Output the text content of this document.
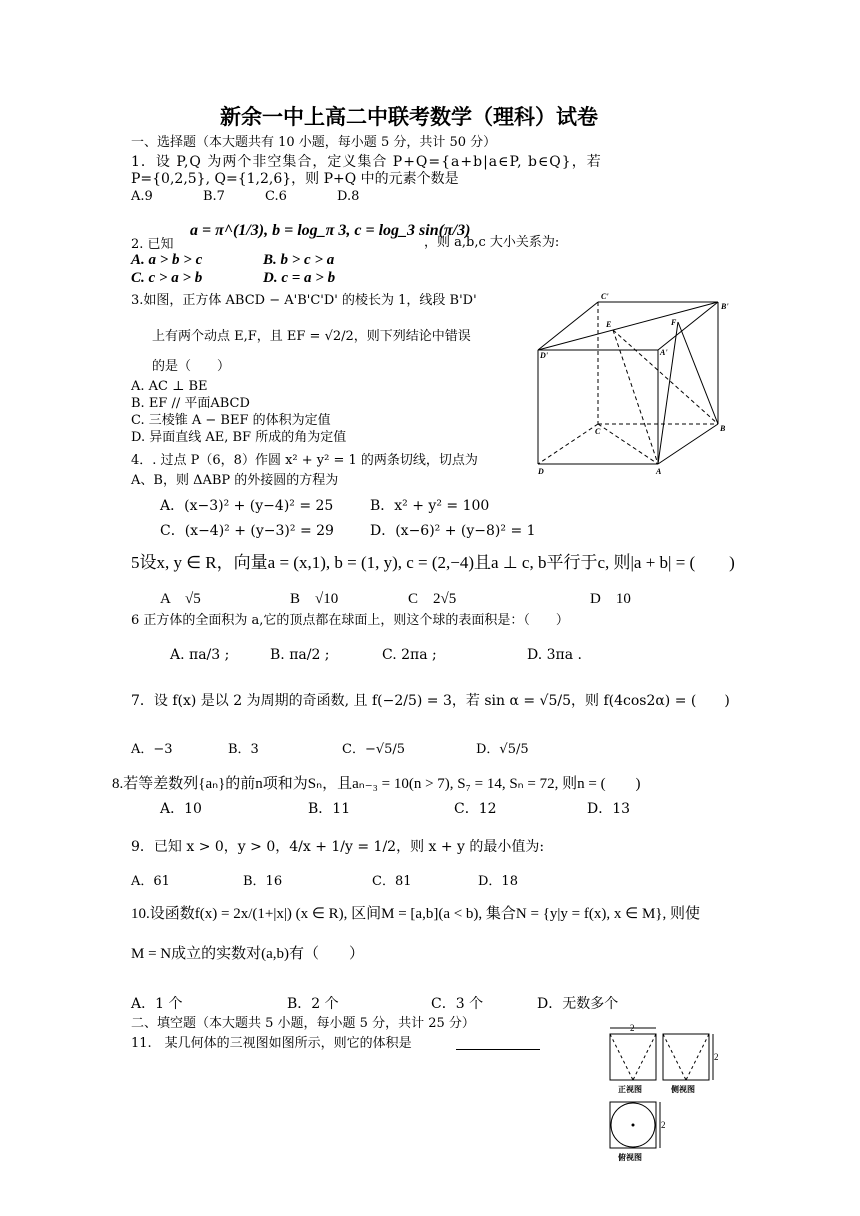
新余一中上高二中联考数学（理科）试卷
一、选择题（本大题共有 10 小题，每小题 5 分，共计 50 分）
1．设 P,Q 为两个非空集合，定义集合 P+Q={a+b|a∈P, b∈Q}，若
P={0,2,5}, Q={1,2,6}，则 P+Q 中的元素个数是
A.9	B.7	C.6	D.8
2. 已知
a = π^(1/3), b = log_π 3, c = log_3 sin(π/3)
，则 a,b,c 大小关系为:
A. a > b > c	B. b > c > a
C. c > a > b	D. c = a > b
3.如图，正方体 ABCD − A'B'C'D' 的棱长为 1，线段 B'D'
上有两个动点 E,F，且 EF = √2/2，则下列结论中错误
的是（　　）
A. AC ⊥ BE
B. EF // 平面ABCD
C. 三棱锥 A − BEF 的体积为定值
D. 异面直线 AE, BF 所成的角为定值
C'
B'
E	F
D'	A'
C	B
D	A
4．. 过点 P（6，8）作圆 x² + y² = 1 的两条切线，切点为
A、B，则 ΔABP 的外接圆的方程为
A．(x−3)² + (y−4)² = 25	B．x² + y² = 100
C．(x−4)² + (y−3)² = 29	D．(x−6)² + (y−8)² = 1
5设x, y ∈ R，向量a = (x,1), b = (1, y), c = (2,−4)且a ⊥ c, b平行于c, 则|a + b| = (　　)
A　√5	B　√10	C　2√5	D　10
6 正方体的全面积为 a,它的顶点都在球面上，则这个球的表面积是：（　　）
A. πa/3 ;	B. πa/2 ;	C. 2πa ;	D. 3πa .
7．设 f(x) 是以 2 为周期的奇函数, 且 f(−2/5) = 3，若 sin α = √5/5，则 f(4cos2α) = (　　)
A．−3	B．3	C．−√5/5	D．√5/5
8.若等差数列{aₙ}的前n项和为Sₙ，且aₙ₋₃ = 10(n > 7), S₇ = 14, Sₙ = 72, 则n = (　　)
A．10	B．11	C．12	D．13
9．已知 x > 0，y > 0，4/x + 1/y = 1/2，则 x + y 的最小值为:
A．61	B．16	C．81	D．18
10.设函数f(x) = 2x/(1+|x|) (x ∈ R), 区间M = [a,b](a < b), 集合N = {y|y = f(x), x ∈ M}, 则使
M = N成立的实数对(a,b)有（　　）
A．1 个	B．2 个	C．3 个	D．无数多个
二、填空题（本大题共 5 小题，每小题 5 分，共计 25 分）
11.　某几何体的三视图如图所示，则它的体积是
2
2
2
正视图	侧视图
俯视图
